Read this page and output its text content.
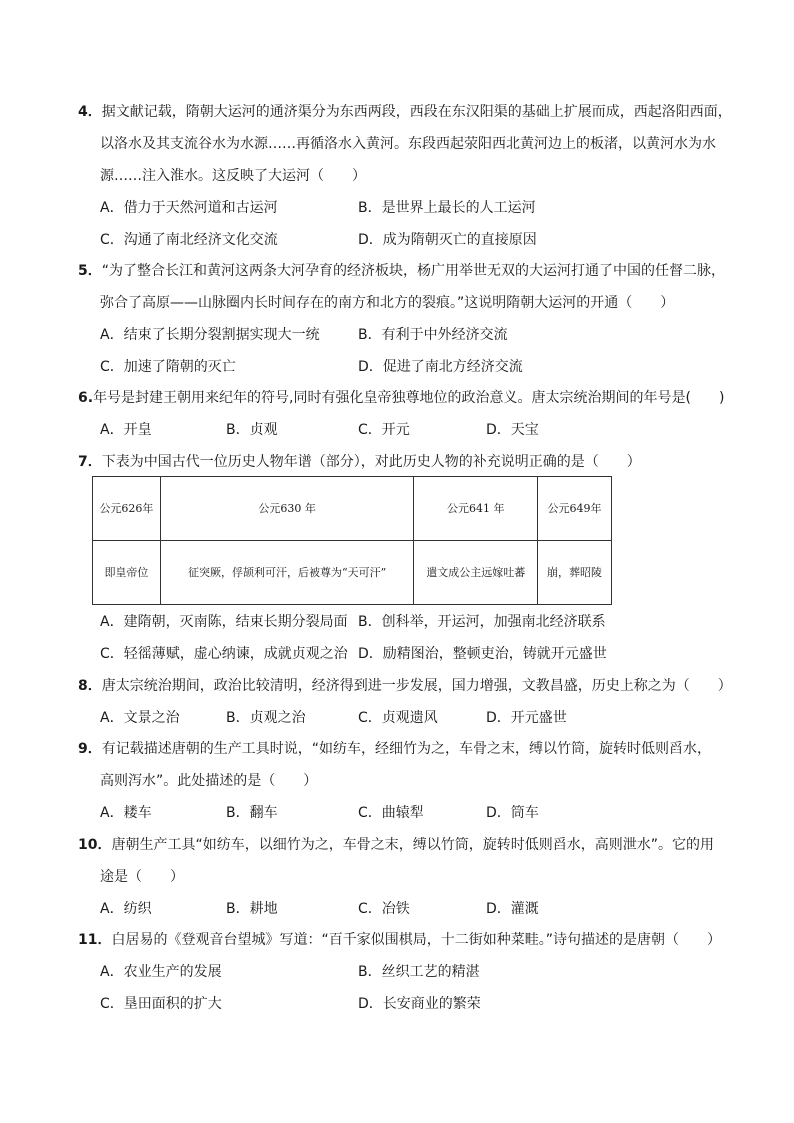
4．据文献记载，隋朝大运河的通济渠分为东西两段，西段在东汉阳渠的基础上扩展而成，西起洛阳西面，
以洛水及其支流谷水为水源……再循洛水入黄河。东段西起荥阳西北黄河边上的板渚，以黄河水为水
源……注入淮水。这反映了大运河（　　）
A．借力于天然河道和古运河	B．是世界上最长的人工运河
C．沟通了南北经济文化交流	D．成为隋朝灭亡的直接原因
5．“为了整合长江和黄河这两条大河孕育的经济板块，杨广用举世无双的大运河打通了中国的任督二脉，
弥合了高原——山脉圈内长时间存在的南方和北方的裂痕。”这说明隋朝大运河的开通（　　）
A．结束了长期分裂割据实现大一统	B．有利于中外经济交流
C．加速了隋朝的灭亡	D．促进了南北方经济交流
6.年号是封建王朝用来纪年的符号,同时有强化皇帝独尊地位的政治意义。唐太宗统治期间的年号是(　　)
A．开皇	B．贞观	C．开元	D．天宝
7．下表为中国古代一位历史人物年谱（部分），对此历史人物的补充说明正确的是（　　）
公元626年	公元630 年	公元641 年	公元649年
即皇帝位	征突厥，俘颉利可汗，后被尊为“天可汗”	遣文成公主远嫁吐蕃	崩，葬昭陵
A．建隋朝，灭南陈，结束长期分裂局面 B．创科举，开运河，加强南北经济联系
C．轻徭薄赋，虚心纳谏，成就贞观之治 D．励精图治，整顿吏治，铸就开元盛世
8．唐太宗统治期间，政治比较清明，经济得到进一步发展，国力增强，文教昌盛，历史上称之为（　　）
A．文景之治	B．贞观之治	C．贞观遗风	D．开元盛世
9．有记载描述唐朝的生产工具时说，“如纺车，经细竹为之，车骨之末，缚以竹筒，旋转时低则舀水，
高则泻水”。此处描述的是（　　）
A．耧车	B．翻车	C．曲辕犁	D．筒车
10．唐朝生产工具“如纺车，以细竹为之，车骨之末，缚以竹筒，旋转时低则舀水，高则泄水”。它的用
途是（　　）
A．纺织	B．耕地	C．冶铁	D．灌溉
11．白居易的《登观音台望城》写道：“百千家似围棋局，十二街如种菜畦。”诗句描述的是唐朝（　　）
A．农业生产的发展	B．丝织工艺的精湛
C．垦田面积的扩大	D．长安商业的繁荣
